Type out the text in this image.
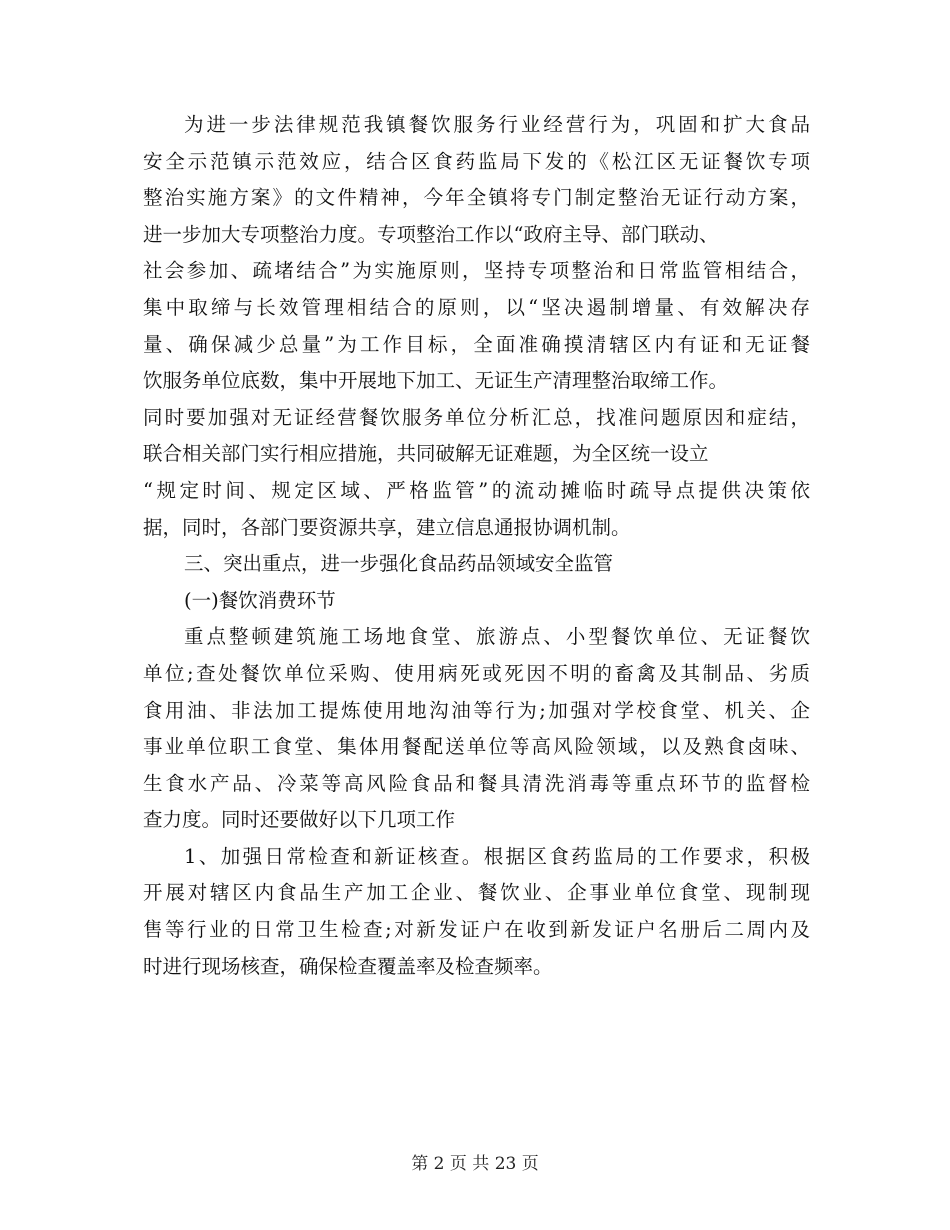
为进一步法律规范我镇餐饮服务行业经营行为，巩固和扩大食品
安全示范镇示范效应，结合区食药监局下发的《松江区无证餐饮专项
整治实施方案》的文件精神，今年全镇将专门制定整治无证行动方案，
进一步加大专项整治力度。专项整治工作以“政府主导、部门联动、
社会参加、疏堵结合”为实施原则，坚持专项整治和日常监管相结合，
集中取缔与长效管理相结合的原则，以“坚决遏制增量、有效解决存
量、确保减少总量”为工作目标，全面准确摸清辖区内有证和无证餐
饮服务单位底数，集中开展地下加工、无证生产清理整治取缔工作。
同时要加强对无证经营餐饮服务单位分析汇总，找准问题原因和症结，
联合相关部门实行相应措施，共同破解无证难题，为全区统一设立
“规定时间、规定区域、严格监管”的流动摊临时疏导点提供决策依
据，同时，各部门要资源共享，建立信息通报协调机制。
三、突出重点，进一步强化食品药品领域安全监管
(一)餐饮消费环节
重点整顿建筑施工场地食堂、旅游点、小型餐饮单位、无证餐饮
单位;查处餐饮单位采购、使用病死或死因不明的畜禽及其制品、劣质
食用油、非法加工提炼使用地沟油等行为;加强对学校食堂、机关、企
事业单位职工食堂、集体用餐配送单位等高风险领域，以及熟食卤味、
生食水产品、冷菜等高风险食品和餐具清洗消毒等重点环节的监督检
查力度。同时还要做好以下几项工作
1、加强日常检查和新证核查。根据区食药监局的工作要求，积极
开展对辖区内食品生产加工企业、餐饮业、企事业单位食堂、现制现
售等行业的日常卫生检查;对新发证户在收到新发证户名册后二周内及
时进行现场核查，确保检查覆盖率及检查频率。
第 2 页 共 23 页
